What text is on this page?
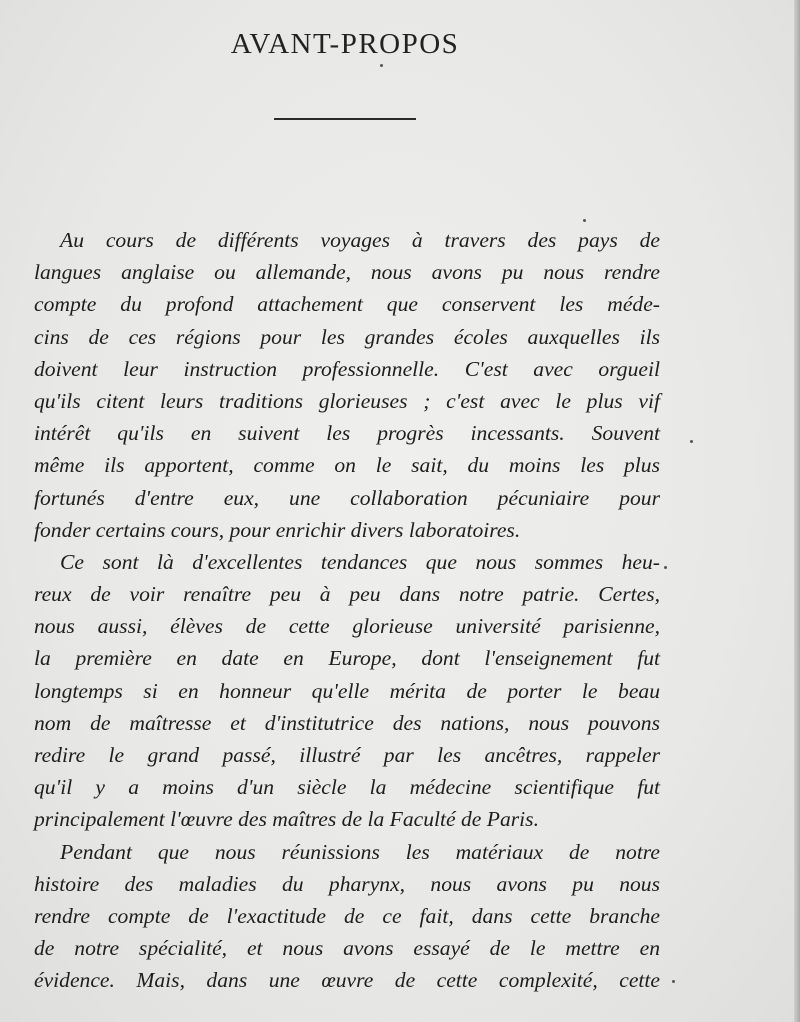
AVANT-PROPOS
Au cours de différents voyages à travers des pays de
langues anglaise ou allemande, nous avons pu nous rendre
compte du profond attachement que conservent les méde-
cins de ces régions pour les grandes écoles auxquelles ils
doivent leur instruction professionnelle. C'est avec orgueil
qu'ils citent leurs traditions glorieuses ; c'est avec le plus vif
intérêt qu'ils en suivent les progrès incessants. Souvent
même ils apportent, comme on le sait, du moins les plus
fortunés d'entre eux, une collaboration pécuniaire pour
fonder certains cours, pour enrichir divers laboratoires.
Ce sont là d'excellentes tendances que nous sommes heu-
reux de voir renaître peu à peu dans notre patrie. Certes,
nous aussi, élèves de cette glorieuse université parisienne,
la première en date en Europe, dont l'enseignement fut
longtemps si en honneur qu'elle mérita de porter le beau
nom de maîtresse et d'institutrice des nations, nous pouvons
redire le grand passé, illustré par les ancêtres, rappeler
qu'il y a moins d'un siècle la médecine scientifique fut
principalement l'œuvre des maîtres de la Faculté de Paris.
Pendant que nous réunissions les matériaux de notre
histoire des maladies du pharynx, nous avons pu nous
rendre compte de l'exactitude de ce fait, dans cette branche
de notre spécialité, et nous avons essayé de le mettre en
évidence. Mais, dans une œuvre de cette complexité, cette
